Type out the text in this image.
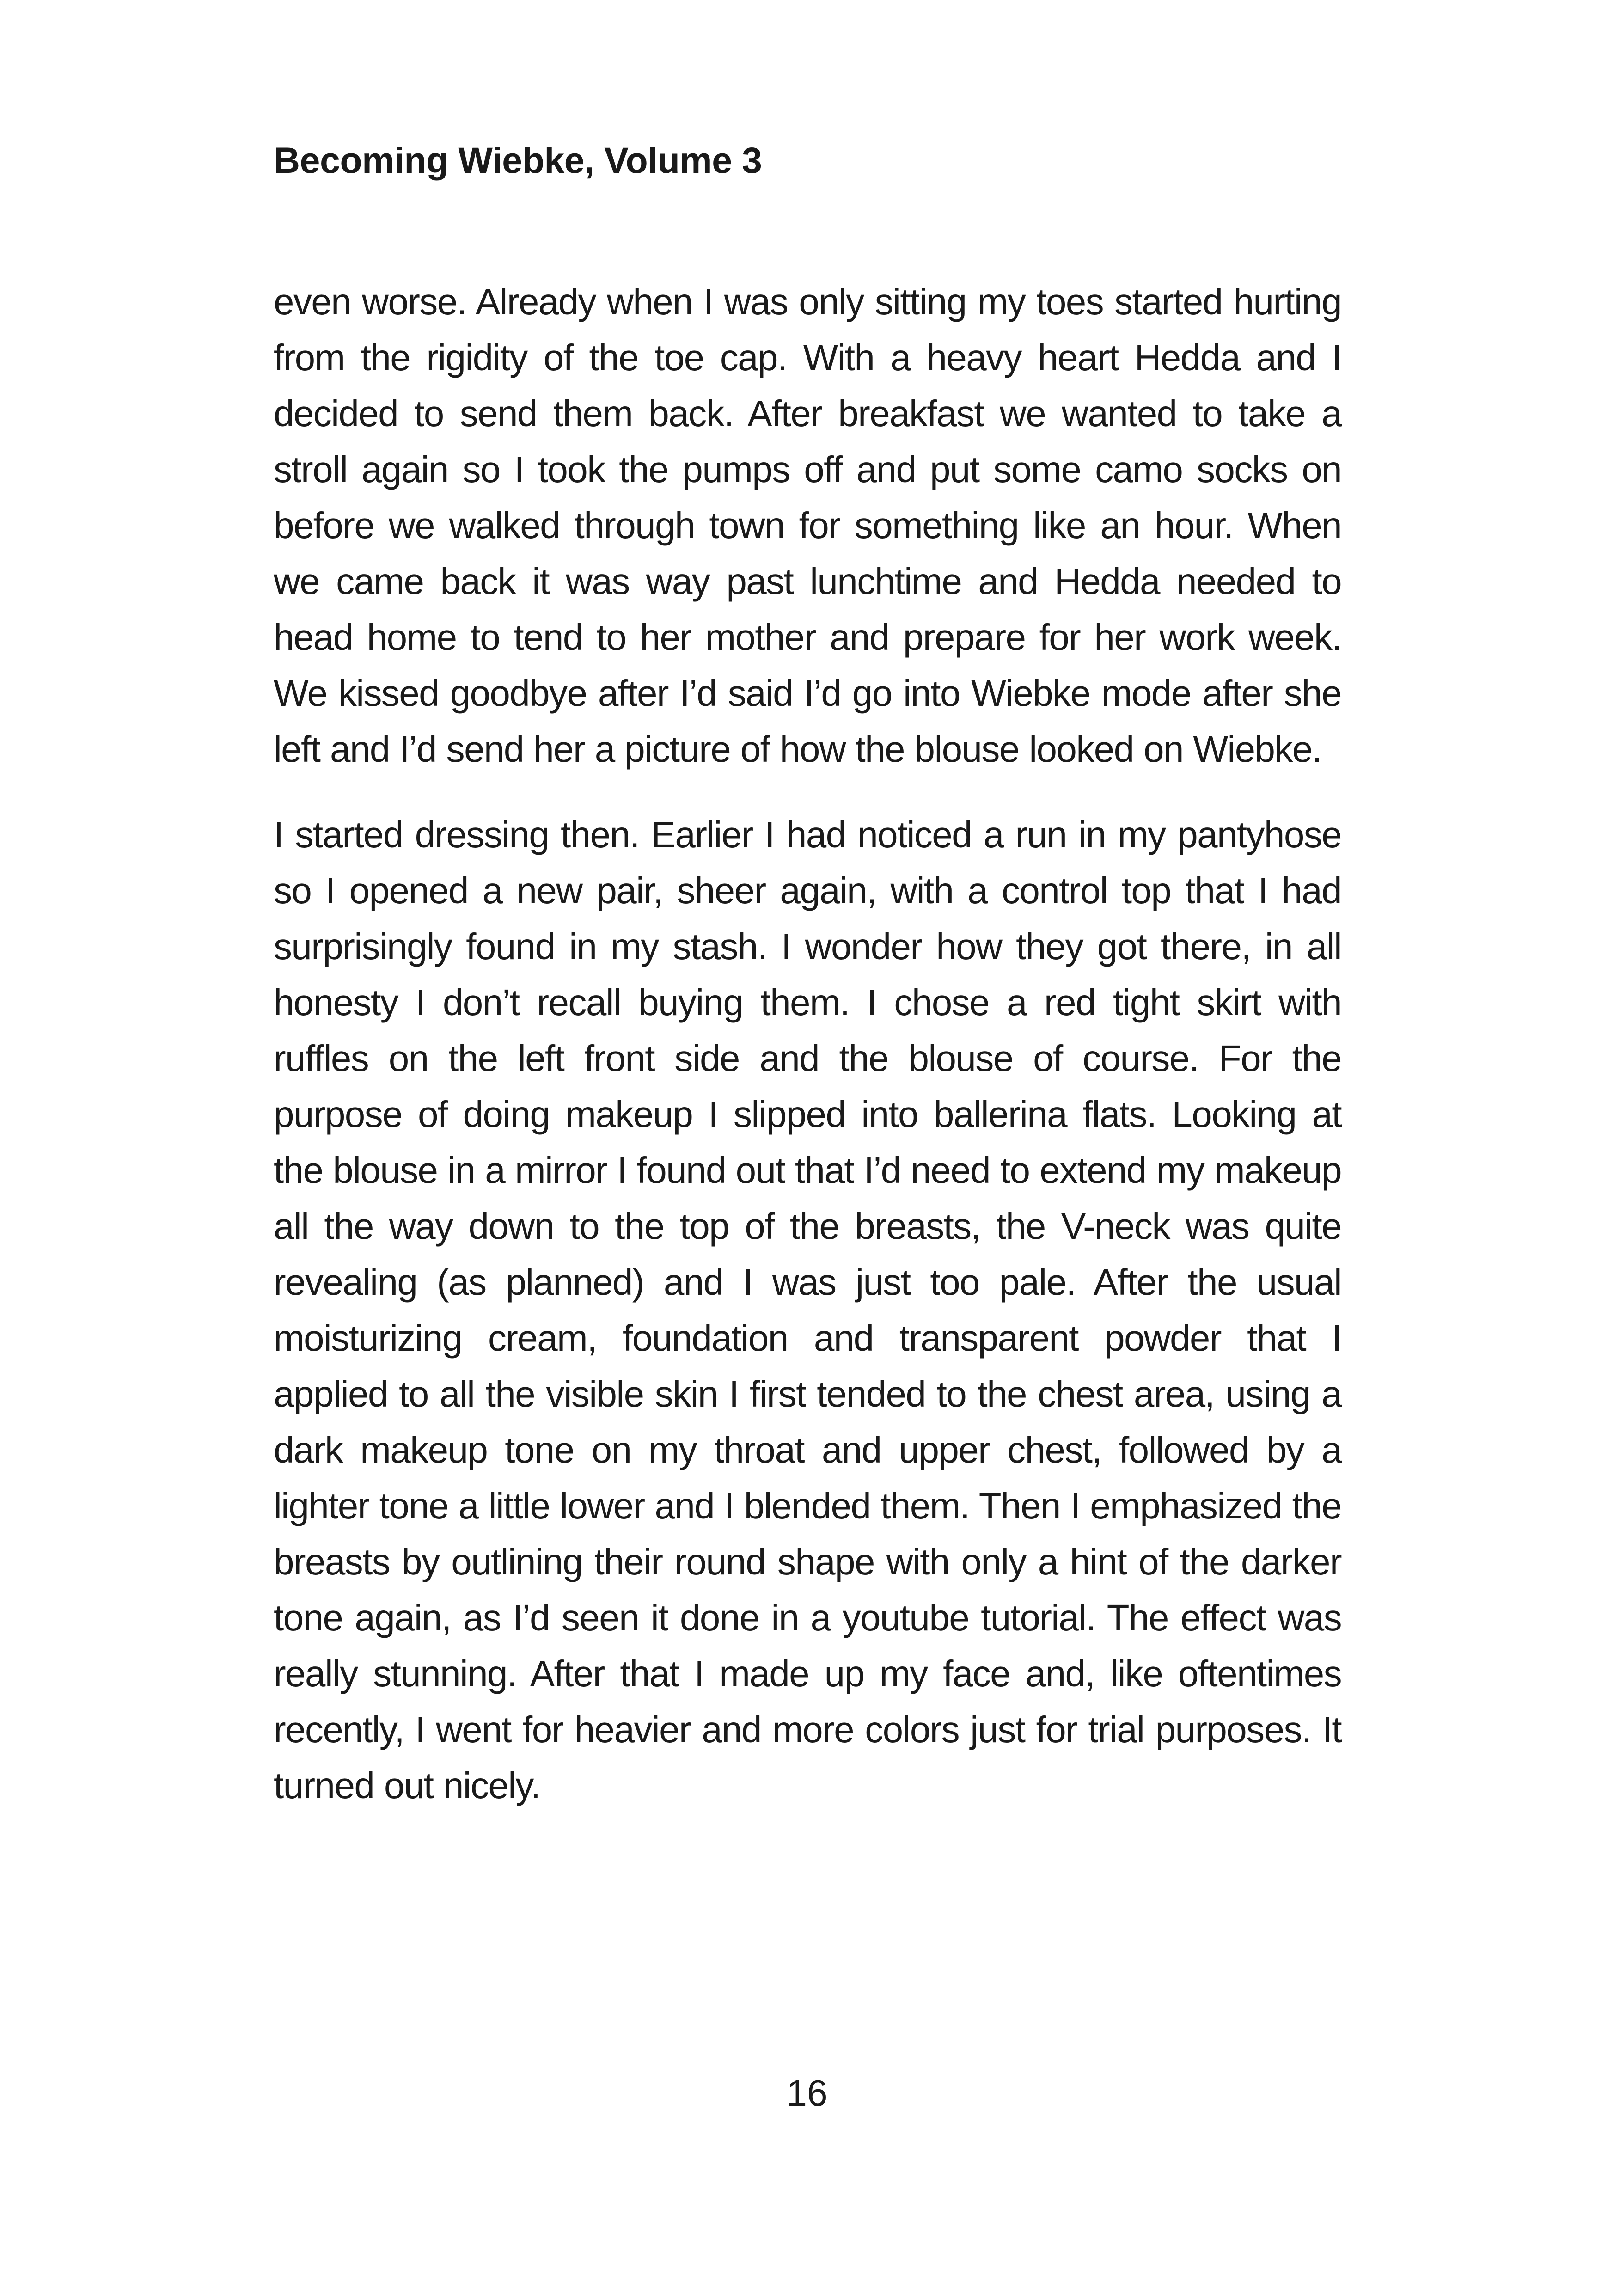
Becoming Wiebke, Volume 3

even worse. Already when I was only sitting my toes started hurting from the rigidity of the toe cap. With a heavy heart Hedda and I decided to send them back. After breakfast we wanted to take a stroll again so I took the pumps off and put some camo socks on before we walked through town for something like an hour. When we came back it was way past lunchtime and Hedda needed to head home to tend to her mother and prepare for her work week. We kissed goodbye after I’d said I’d go into Wiebke mode after she left and I’d send her a picture of how the blouse looked on Wiebke.

I started dressing then. Earlier I had noticed a run in my pantyhose so I opened a new pair, sheer again, with a control top that I had surprisingly found in my stash. I wonder how they got there, in all honesty I don’t recall buying them. I chose a red tight skirt with ruffles on the left front side and the blouse of course. For the purpose of doing makeup I slipped into ballerina flats. Looking at the blouse in a mirror I found out that I’d need to extend my makeup all the way down to the top of the breasts, the V-neck was quite revealing (as planned) and I was just too pale. After the usual moisturizing cream, foundation and transparent powder that I applied to all the visible skin I first tended to the chest area, using a dark makeup tone on my throat and upper chest, followed by a lighter tone a little lower and I blended them. Then I emphasized the breasts by outlining their round shape with only a hint of the darker tone again, as I’d seen it done in a youtube tutorial. The effect was really stunning. After that I made up my face and, like oftentimes recently, I went for heavier and more colors just for trial purposes. It turned out nicely.

16
